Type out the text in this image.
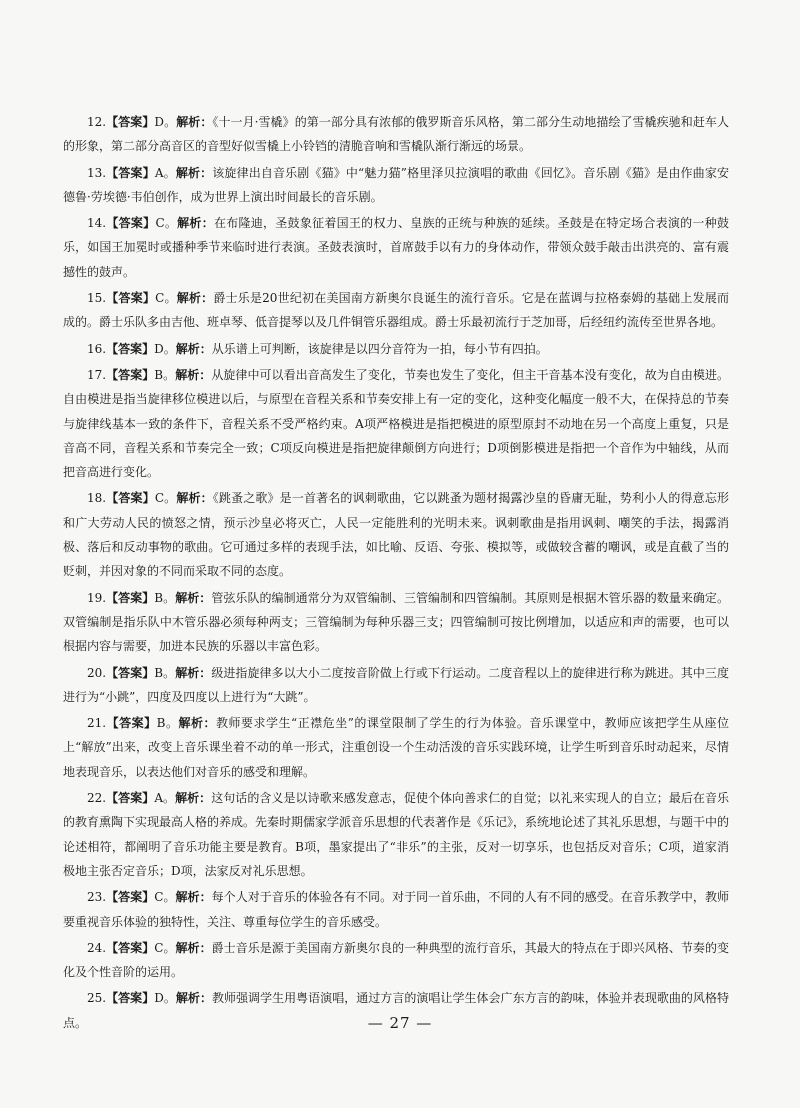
12.【答案】D。解析：《十一月·雪橇》的第一部分具有浓郁的俄罗斯音乐风格，第二部分生动地描绘了雪橇疾驰和赶车人的形象，第二部分高音区的音型好似雪橇上小铃铛的清脆音响和雪橇队渐行渐远的场景。

13.【答案】A。解析：该旋律出自音乐剧《猫》中“魅力猫”格里泽贝拉演唱的歌曲《回忆》。音乐剧《猫》是由作曲家安德鲁·劳埃德·韦伯创作，成为世界上演出时间最长的音乐剧。

14.【答案】C。解析：在布隆迪，圣鼓象征着国王的权力、皇族的正统与种族的延续。圣鼓是在特定场合表演的一种鼓乐，如国王加冕时或播种季节来临时进行表演。圣鼓表演时，首席鼓手以有力的身体动作，带领众鼓手敲击出洪亮的、富有震撼性的鼓声。

15.【答案】C。解析：爵士乐是20世纪初在美国南方新奥尔良诞生的流行音乐。它是在蓝调与拉格泰姆的基础上发展而成的。爵士乐队多由吉他、班卓琴、低音提琴以及几件铜管乐器组成。爵士乐最初流行于芝加哥，后经纽约流传至世界各地。

16.【答案】D。解析：从乐谱上可判断，该旋律是以四分音符为一拍，每小节有四拍。

17.【答案】B。解析：从旋律中可以看出音高发生了变化，节奏也发生了变化，但主干音基本没有变化，故为自由模进。自由模进是指当旋律移位模进以后，与原型在音程关系和节奏安排上有一定的变化，这种变化幅度一般不大，在保持总的节奏与旋律线基本一致的条件下，音程关系不受严格约束。A项严格模进是指把模进的原型原封不动地在另一个高度上重复，只是音高不同，音程关系和节奏完全一致；C项反向模进是指把旋律颠倒方向进行；D项倒影模进是指把一个音作为中轴线，从而把音高进行变化。

18.【答案】C。解析：《跳蚤之歌》是一首著名的讽刺歌曲，它以跳蚤为题材揭露沙皇的昏庸无耻，势利小人的得意忘形和广大劳动人民的愤怒之情，预示沙皇必将灭亡，人民一定能胜利的光明未来。讽刺歌曲是指用讽刺、嘲笑的手法，揭露消极、落后和反动事物的歌曲。它可通过多样的表现手法，如比喻、反语、夸张、模拟等，或做较含蓄的嘲讽，或是直截了当的贬刺，并因对象的不同而采取不同的态度。

19.【答案】B。解析：管弦乐队的编制通常分为双管编制、三管编制和四管编制。其原则是根据木管乐器的数量来确定。双管编制是指乐队中木管乐器必须每种两支；三管编制为每种乐器三支；四管编制可按比例增加，以适应和声的需要，也可以根据内容与需要，加进本民族的乐器以丰富色彩。

20.【答案】B。解析：级进指旋律多以大小二度按音阶做上行或下行运动。二度音程以上的旋律进行称为跳进。其中三度进行为“小跳”，四度及四度以上进行为“大跳”。

21.【答案】B。解析：教师要求学生“正襟危坐”的课堂限制了学生的行为体验。音乐课堂中，教师应该把学生从座位上“解放”出来，改变上音乐课坐着不动的单一形式，注重创设一个生动活泼的音乐实践环境，让学生听到音乐时动起来，尽情地表现音乐，以表达他们对音乐的感受和理解。

22.【答案】A。解析：这句话的含义是以诗歌来感发意志，促使个体向善求仁的自觉；以礼来实现人的自立；最后在音乐的教育熏陶下实现最高人格的养成。先秦时期儒家学派音乐思想的代表著作是《乐记》，系统地论述了其礼乐思想，与题干中的论述相符，都阐明了音乐功能主要是教育。B项，墨家提出了“非乐”的主张，反对一切享乐，也包括反对音乐；C项，道家消极地主张否定音乐；D项，法家反对礼乐思想。

23.【答案】C。解析：每个人对于音乐的体验各有不同。对于同一首乐曲，不同的人有不同的感受。在音乐教学中，教师要重视音乐体验的独特性，关注、尊重每位学生的音乐感受。

24.【答案】C。解析：爵士音乐是源于美国南方新奥尔良的一种典型的流行音乐，其最大的特点在于即兴风格、节奏的变化及个性音阶的运用。

25.【答案】D。解析：教师强调学生用粤语演唱，通过方言的演唱让学生体会广东方言的韵味，体验并表现歌曲的风格特点。	— 27 —
